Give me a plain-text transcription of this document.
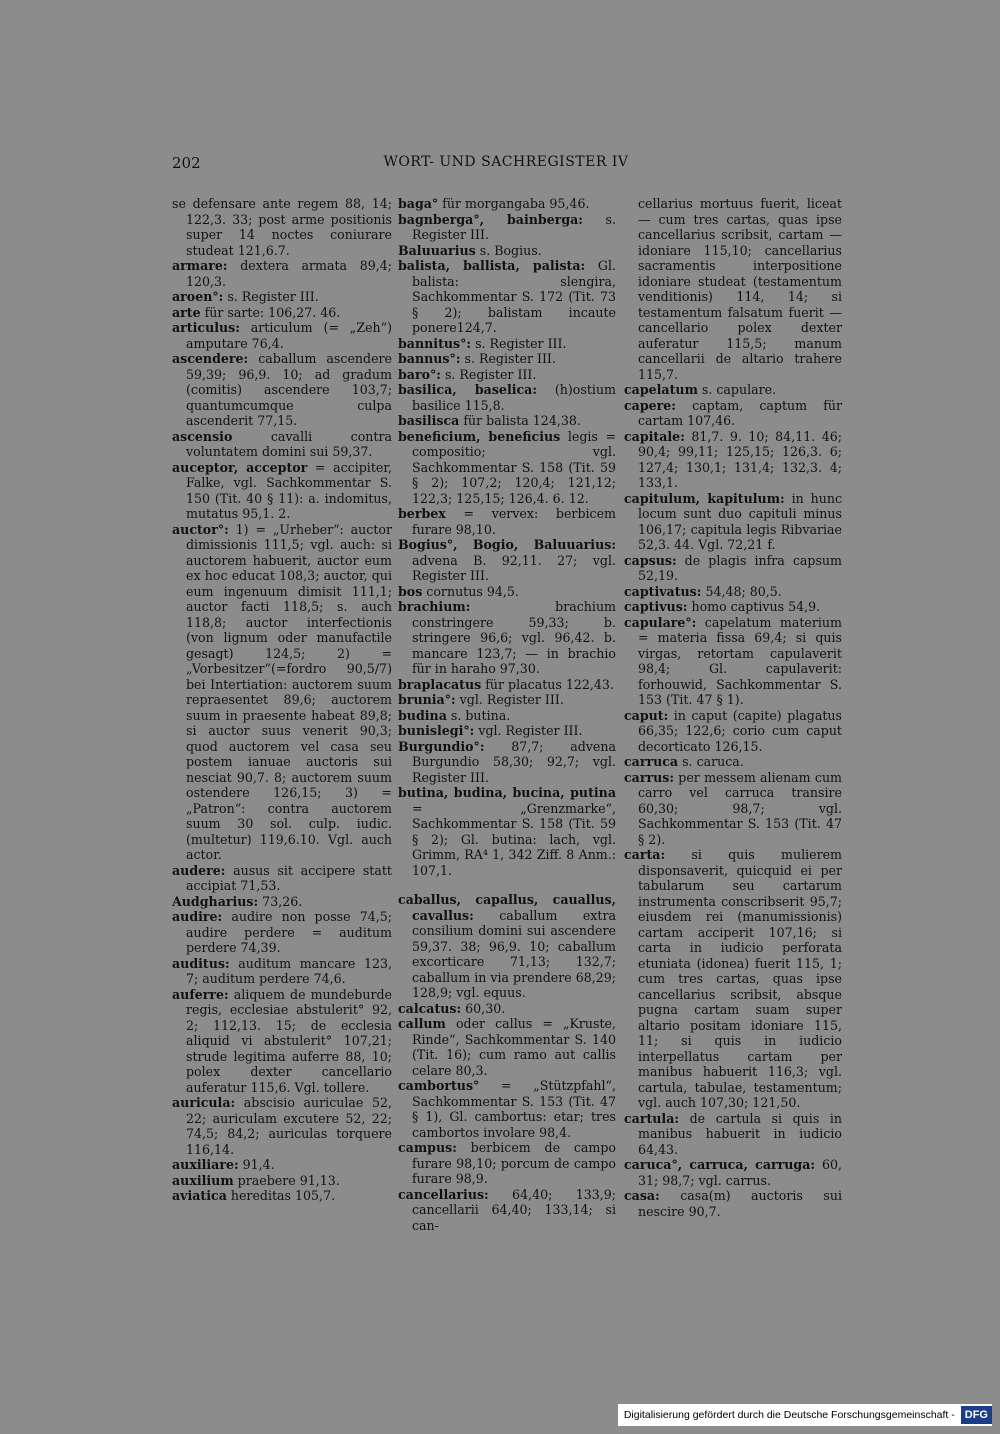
202	WORT- UND SACHREGISTER IV

se defensare ante regem 88, 14; 122,3. 33; post arme positionis super 14 noctes coniurare studeat 121,6.7.

armare: dextera armata 89,4; 120,3.

aroen°: s. Register III.

arte für sarte: 106,27. 46.

articulus: articulum (= „Zeh“) amputare 76,4.

ascendere: caballum ascendere 59,39; 96,9. 10; ad gradum (comitis) ascendere 103,7; quantumcumque culpa ascenderit 77,15.

ascensio cavalli contra voluntatem domini sui 59,37.

auceptor, acceptor = accipiter, Falke, vgl. Sachkommentar S. 150 (Tit. 40 § 11): a. indomitus, mutatus 95,1. 2.

auctor°: 1) = „Urheber“: auctor dimissionis 111,5; vgl. auch: si auctorem habuerit, auctor eum ex hoc educat 108,3; auctor, qui eum ingenuum dimisit 111,1; auctor facti 118,5; s. auch 118,8; auctor interfectionis (von lignum oder manufactile gesagt) 124,5; 2) = „Vorbesitzer“(=fordro 90,5/7) bei Intertiation: auctorem suum repraesentet 89,6; auctorem suum in praesente habeat 89,8; si auctor suus venerit 90,3; quod auctorem vel casa seu postem ianuae auctoris sui nesciat 90,7. 8; auctorem suum ostendere 126,15; 3) = „Patron“: contra auctorem suum 30 sol. culp. iudic. (multetur) 119,6.10. Vgl. auch actor.

audere: ausus sit accipere statt accipiat 71,53.

Audgharius: 73,26.

audire: audire non posse 74,5; audire perdere = auditum perdere 74,39.

auditus: auditum mancare 123, 7; auditum perdere 74,6.

auferre: aliquem de mundeburde regis, ecclesiae abstulerit° 92, 2; 112,13. 15; de ecclesia aliquid vi abstulerit° 107,21; strude legitima auferre 88, 10; polex dexter cancellario auferatur 115,6. Vgl. tollere.

auricula: abscisio auriculae 52, 22; auriculam excutere 52, 22; 74,5; 84,2; auriculas torquere 116,14.

auxiliare: 91,4.

auxilium praebere 91,13.

aviatica hereditas 105,7.

baga° für morgangaba 95,46.

bagnberga°, bainberga: s. Register III.

Baluuarius s. Bogius.

balista, ballista, palista: Gl. balista: slengira, Sachkommentar S. 172 (Tit. 73 § 2); balistam incaute ponere124,7.

bannitus°: s. Register III.

bannus°: s. Register III.

baro°: s. Register III.

basilica, baselica: (h)ostium basilice 115,8.

basilisca für balista 124,38.

beneficium, beneficius legis = compositio; vgl. Sachkommentar S. 158 (Tit. 59 § 2); 107,2; 120,4; 121,12; 122,3; 125,15; 126,4. 6. 12.

berbex = vervex: berbicem furare 98,10.

Bogius°, Bogio, Baluuarius: advena B. 92,11. 27; vgl. Register III.

bos cornutus 94,5.

brachium: brachium constringere 59,33; b. stringere 96,6; vgl. 96,42. b. mancare 123,7; — in brachio für in haraho 97,30.

braplacatus für placatus 122,43.

brunia°: vgl. Register III.

budina s. butina.

bunislegi°: vgl. Register III.

Burgundio°: 87,7; advena Burgundio 58,30; 92,7; vgl. Register III.

butina, budina, bucina, putina = „Grenzmarke“, Sachkommentar S. 158 (Tit. 59 § 2); Gl. butina: lach, vgl. Grimm, RA⁴ 1, 342 Ziff. 8 Anm.: 107,1.

caballus, capallus, cauallus, cavallus: caballum extra consilium domini sui ascendere 59,37. 38; 96,9. 10; caballum excorticare 71,13; 132,7; caballum in via prendere 68,29; 128,9; vgl. equus.

calcatus: 60,30.

callum oder callus = „Kruste, Rinde“, Sachkommentar S. 140 (Tit. 16); cum ramo aut callis celare 80,3.

cambortus° = „Stützpfahl“, Sachkommentar S. 153 (Tit. 47 § 1), Gl. cambortus: etar; tres cambortos involare 98,4.

campus: berbicem de campo furare 98,10; porcum de campo furare 98,9.

cancellarius: 64,40; 133,9; cancellarii 64,40; 133,14; si can-

cellarius mortuus fuerit, liceat — cum tres cartas, quas ipse cancellarius scribsit, cartam — idoniare 115,10; cancellarius sacramentis interpositione idoniare studeat (testamentum venditionis) 114, 14; si testamentum falsatum fuerit — cancellario polex dexter auferatur 115,5; manum cancellarii de altario trahere 115,7.

capelatum s. capulare.

capere: captam, captum für cartam 107,46.

capitale: 81,7. 9. 10; 84,11. 46; 90,4; 99,11; 125,15; 126,3. 6; 127,4; 130,1; 131,4; 132,3. 4; 133,1.

capitulum, kapitulum: in hunc locum sunt duo capituli minus 106,17; capitula legis Ribvariae 52,3. 44. Vgl. 72,21 f.

capsus: de plagis infra capsum 52,19.

captivatus: 54,48; 80,5.

captivus: homo captivus 54,9.

capulare°: capelatum materium = materia fissa 69,4; si quis virgas, retortam capulaverit 98,4; Gl. capulaverit: forhouwid, Sachkommentar S. 153 (Tit. 47 § 1).

caput: in caput (capite) plagatus 66,35; 122,6; corio cum caput decorticato 126,15.

carruca s. caruca.

carrus: per messem alienam cum carro vel carruca transire 60,30; 98,7; vgl. Sachkommentar S. 153 (Tit. 47 § 2).

carta: si quis mulierem disponsaverit, quicquid ei per tabularum seu cartarum instrumenta conscribserit 95,7; eiusdem rei (manumissionis) cartam acciperit 107,16; si carta in iudicio perforata etuniata (idonea) fuerit 115, 1; cum tres cartas, quas ipse cancellarius scribsit, absque pugna cartam suam super altario positam idoniare 115, 11; si quis in iudicio interpellatus cartam per manibus habuerit 116,3; vgl. cartula, tabulae, testamentum; vgl. auch 107,30; 121,50.

cartula: de cartula si quis in manibus habuerit in iudicio 64,43.

caruca°, carruca, carruga: 60, 31; 98,7; vgl. carrus.

casa: casa(m) auctoris sui nescire 90,7.

Digitalisierung gefördert durch die Deutsche Forschungsgemeinschaft - DFG
